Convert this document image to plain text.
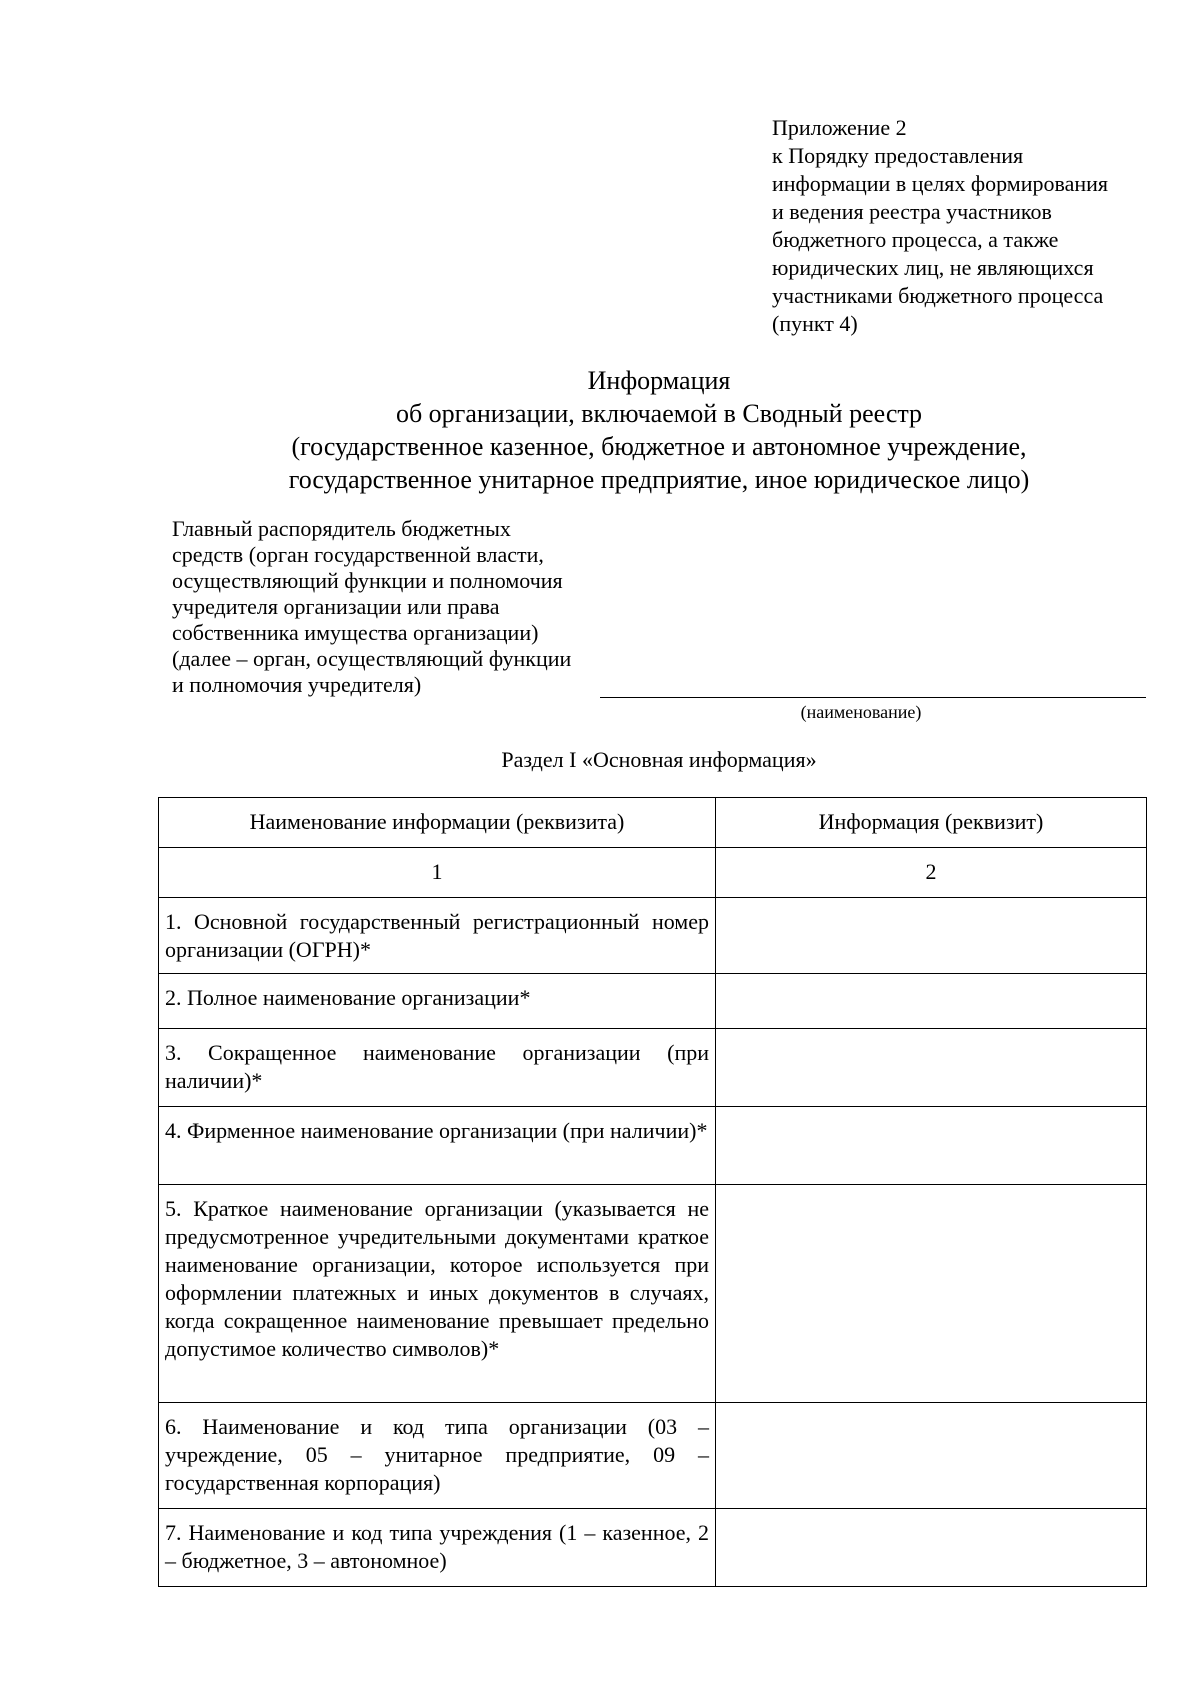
Приложение 2
к Порядку предоставления
информации в целях формирования
и ведения реестра участников
бюджетного процесса, а также
юридических лиц, не являющихся
участниками бюджетного процесса
(пункт 4)
Информация
об организации, включаемой в Сводный реестр
(государственное казенное, бюджетное и автономное учреждение,
государственное унитарное предприятие, иное юридическое лицо)
Главный распорядитель бюджетных
средств (орган государственной власти,
осуществляющий функции и полномочия
учредителя организации или права
собственника имущества организации)
(далее – орган, осуществляющий функции
и полномочия учредителя)
(наименование)
Раздел I «Основная информация»
Наименование информации (реквизита)	Информация (реквизит)
1	2
1. Основной государственный регистрационный номер организации (ОГРН)*	
2. Полное наименование организации*	
3. Сокращенное наименование организации (при наличии)*	
4. Фирменное наименование организации (при наличии)*	
5. Краткое наименование организации (указывается не предусмотренное учредительными документами краткое наименование организации, которое используется при оформлении платежных и иных документов в случаях, когда сокращенное наименование превышает предельно допустимое количество символов)*	
6. Наименование и код типа организации (03 – учреждение, 05 – унитарное предприятие, 09 – государственная корпорация)	
7. Наименование и код типа учреждения (1 – казенное, 2 – бюджетное, 3 – автономное)	
